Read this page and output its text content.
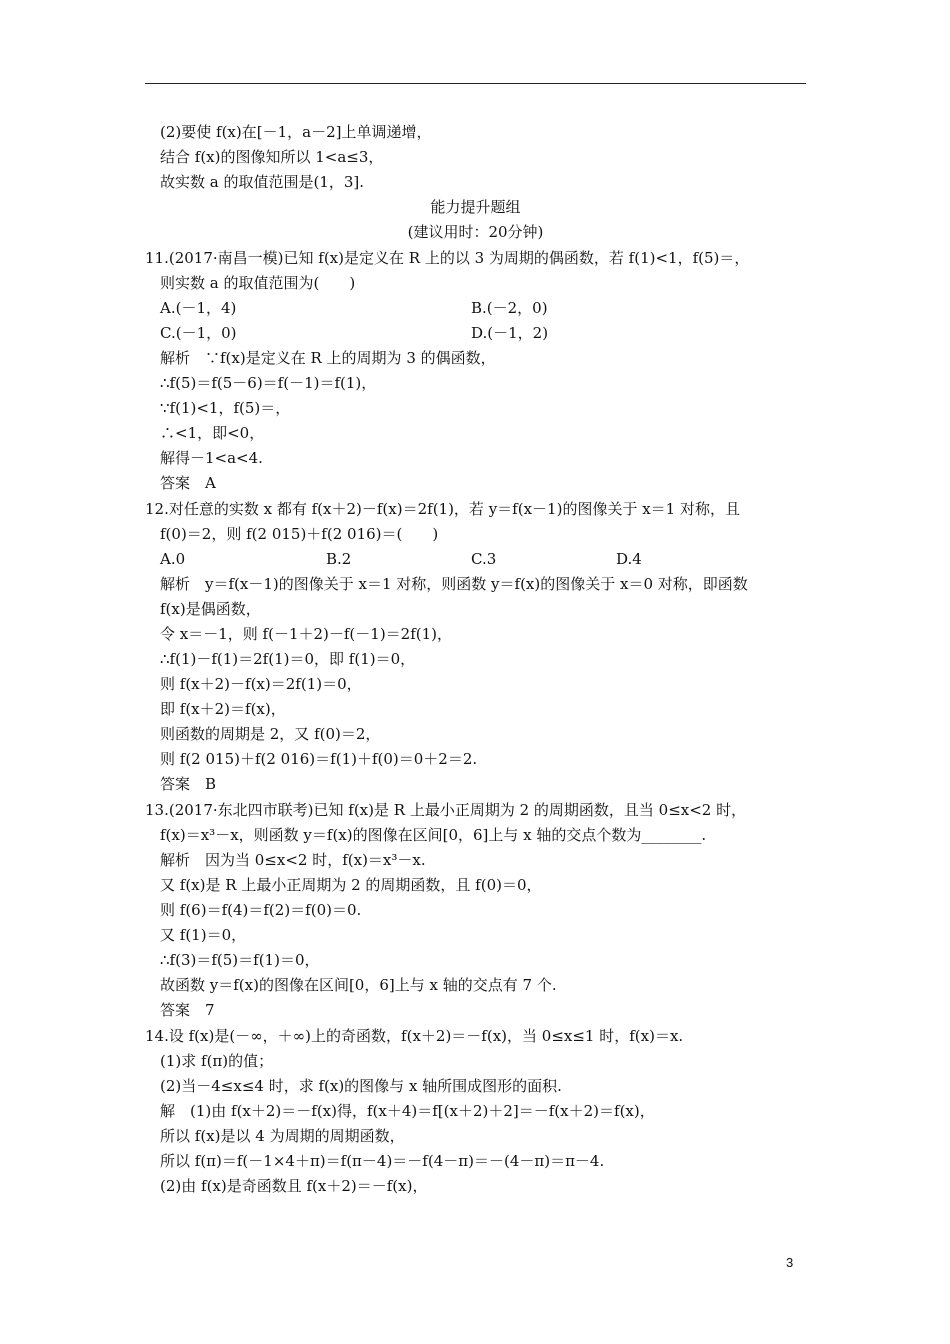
(2)要使 f(x)在[－1，a－2]上单调递增，
结合 f(x)的图像知所以 1<a≤3，
故实数 a 的取值范围是(1，3].
能力提升题组
(建议用时：20分钟)
11.(2017·南昌一模)已知 f(x)是定义在 R 上的以 3 为周期的偶函数，若 f(1)<1，f(5)＝，
则实数 a 的取值范围为(　　)
A.(－1，4)	B.(－2，0)
C.(－1，0)	D.(－1，2)
解析　∵f(x)是定义在 R 上的周期为 3 的偶函数，
∴f(5)＝f(5－6)＝f(－1)＝f(1)，
∵f(1)<1，f(5)＝，
∴<1，即<0，
解得－1<a<4.
答案　A
12.对任意的实数 x 都有 f(x＋2)－f(x)＝2f(1)，若 y＝f(x－1)的图像关于 x＝1 对称，且
f(0)＝2，则 f(2 015)＋f(2 016)＝(　　)
A.0	B.2	C.3	D.4
解析　y＝f(x－1)的图像关于 x＝1 对称，则函数 y＝f(x)的图像关于 x＝0 对称，即函数
f(x)是偶函数，
令 x＝－1，则 f(－1＋2)－f(－1)＝2f(1)，
∴f(1)－f(1)＝2f(1)＝0，即 f(1)＝0，
则 f(x＋2)－f(x)＝2f(1)＝0，
即 f(x＋2)＝f(x)，
则函数的周期是 2，又 f(0)＝2，
则 f(2 015)＋f(2 016)＝f(1)＋f(0)＝0＋2＝2.
答案　B
13.(2017·东北四市联考)已知 f(x)是 R 上最小正周期为 2 的周期函数，且当 0≤x<2 时，
f(x)＝x³－x，则函数 y＝f(x)的图像在区间[0，6]上与 x 轴的交点个数为________.
解析　因为当 0≤x<2 时，f(x)＝x³－x.
又 f(x)是 R 上最小正周期为 2 的周期函数，且 f(0)＝0，
则 f(6)＝f(4)＝f(2)＝f(0)＝0.
又 f(1)＝0，
∴f(3)＝f(5)＝f(1)＝0，
故函数 y＝f(x)的图像在区间[0，6]上与 x 轴的交点有 7 个.
答案　7
14.设 f(x)是(－∞，＋∞)上的奇函数，f(x＋2)＝－f(x)，当 0≤x≤1 时，f(x)＝x.
(1)求 f(π)的值；
(2)当－4≤x≤4 时，求 f(x)的图像与 x 轴所围成图形的面积.
解　(1)由 f(x＋2)＝－f(x)得，f(x＋4)＝f[(x＋2)＋2]＝－f(x＋2)＝f(x)，
所以 f(x)是以 4 为周期的周期函数，
所以 f(π)＝f(－1×4＋π)＝f(π－4)＝－f(4－π)＝－(4－π)＝π－4.
(2)由 f(x)是奇函数且 f(x＋2)＝－f(x)，
3
